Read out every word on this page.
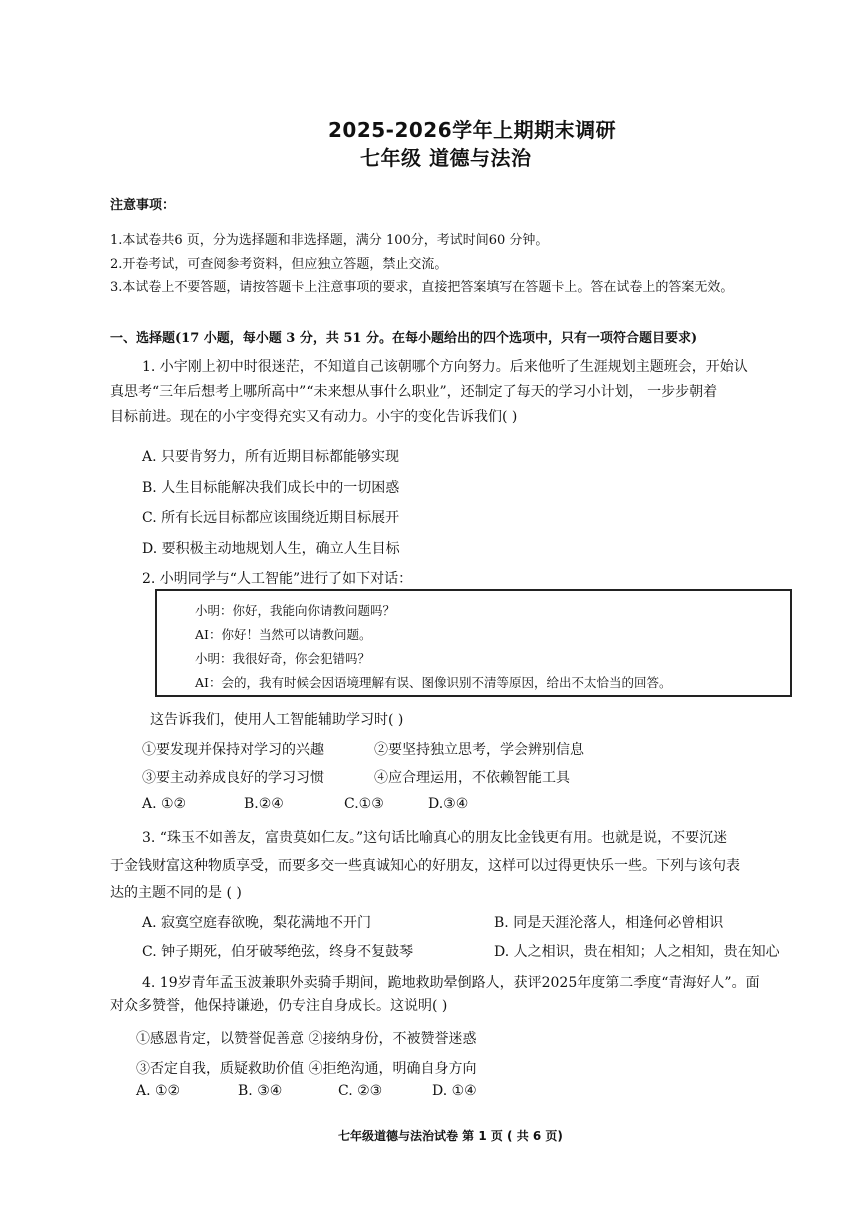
2025-2026学年上期期末调研
七年级 道德与法治
注意事项：
1.本试卷共6 页，分为选择题和非选择题，满分 100分，考试时间60 分钟。
2.开卷考试，可查阅参考资料，但应独立答题，禁止交流。
3.本试卷上不要答题，请按答题卡上注意事项的要求，直接把答案填写在答题卡上。答在试卷上的答案无效。
一、选择题(17 小题，每小题 3 分，共 51 分。在每小题给出的四个选项中，只有一项符合题目要求)
1. 小宇刚上初中时很迷茫，不知道自己该朝哪个方向努力。后来他听了生涯规划主题班会，开始认
真思考“三年后想考上哪所高中”“未来想从事什么职业”，还制定了每天的学习小计划， 一步步朝着
目标前进。现在的小宇变得充实又有动力。小宇的变化告诉我们( )
A. 只要肯努力，所有近期目标都能够实现
B. 人生目标能解决我们成长中的一切困惑
C. 所有长远目标都应该围绕近期目标展开
D. 要积极主动地规划人生，确立人生目标
2. 小明同学与“人工智能”进行了如下对话：
小明：你好，我能向你请教问题吗？
AI：你好！当然可以请教问题。
小明：我很好奇，你会犯错吗？
AI：会的，我有时候会因语境理解有误、图像识别不清等原因，给出不太恰当的回答。
这告诉我们，使用人工智能辅助学习时( )
①要发现并保持对学习的兴趣	②要坚持独立思考，学会辨别信息
③要主动养成良好的学习习惯	④应合理运用，不依赖智能工具
A. ①②	B.②④	C.①③	D.③④
3. “珠玉不如善友，富贵莫如仁友。”这句话比喻真心的朋友比金钱更有用。也就是说，不要沉迷
于金钱财富这种物质享受，而要多交一些真诚知心的好朋友，这样可以过得更快乐一些。下列与该句表
达的主题不同的是 ( )
A. 寂寞空庭春欲晚，梨花满地不开门	B. 同是天涯沦落人，相逢何必曾相识
C. 钟子期死，伯牙破琴绝弦，终身不复鼓琴	D. 人之相识，贵在相知；人之相知，贵在知心
4. 19岁青年孟玉波兼职外卖骑手期间，跪地救助晕倒路人，获评2025年度第二季度“青海好人”。面
对众多赞誉，他保持谦逊，仍专注自身成长。这说明( )
①感恩肯定，以赞誉促善意 ②接纳身份，不被赞誉迷惑
③否定自我，质疑救助价值 ④拒绝沟通，明确自身方向
A. ①②	B. ③④	C. ②③	D. ①④
七年级道德与法治试卷 第 1 页 ( 共 6 页)
